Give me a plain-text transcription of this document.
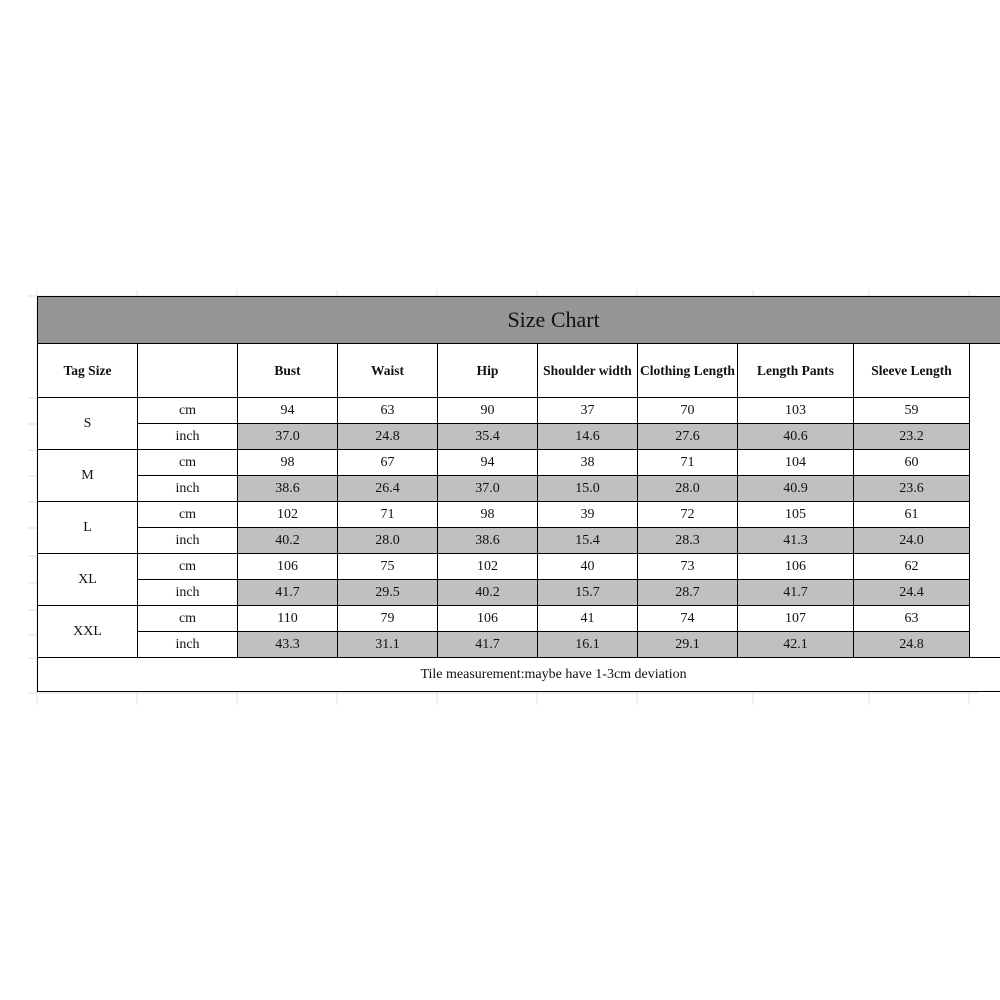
Size Chart								
Tag Size		Bust	Waist	Hip	Shoulder width	Clothing Length	Length Pants	Sleeve Length
S	cm	94	63	90	37	70	103	59
	inch	37.0	24.8	35.4	14.6	27.6	40.6	23.2
M	cm	98	67	94	38	71	104	60
	inch	38.6	26.4	37.0	15.0	28.0	40.9	23.6
L	cm	102	71	98	39	72	105	61
	inch	40.2	28.0	38.6	15.4	28.3	41.3	24.0
XL	cm	106	75	102	40	73	106	62
	inch	41.7	29.5	40.2	15.7	28.7	41.7	24.4
XXL	cm	110	79	106	41	74	107	63
	inch	43.3	31.1	41.7	16.1	29.1	42.1	24.8
Tile measurement:maybe have 1-3cm deviation								
